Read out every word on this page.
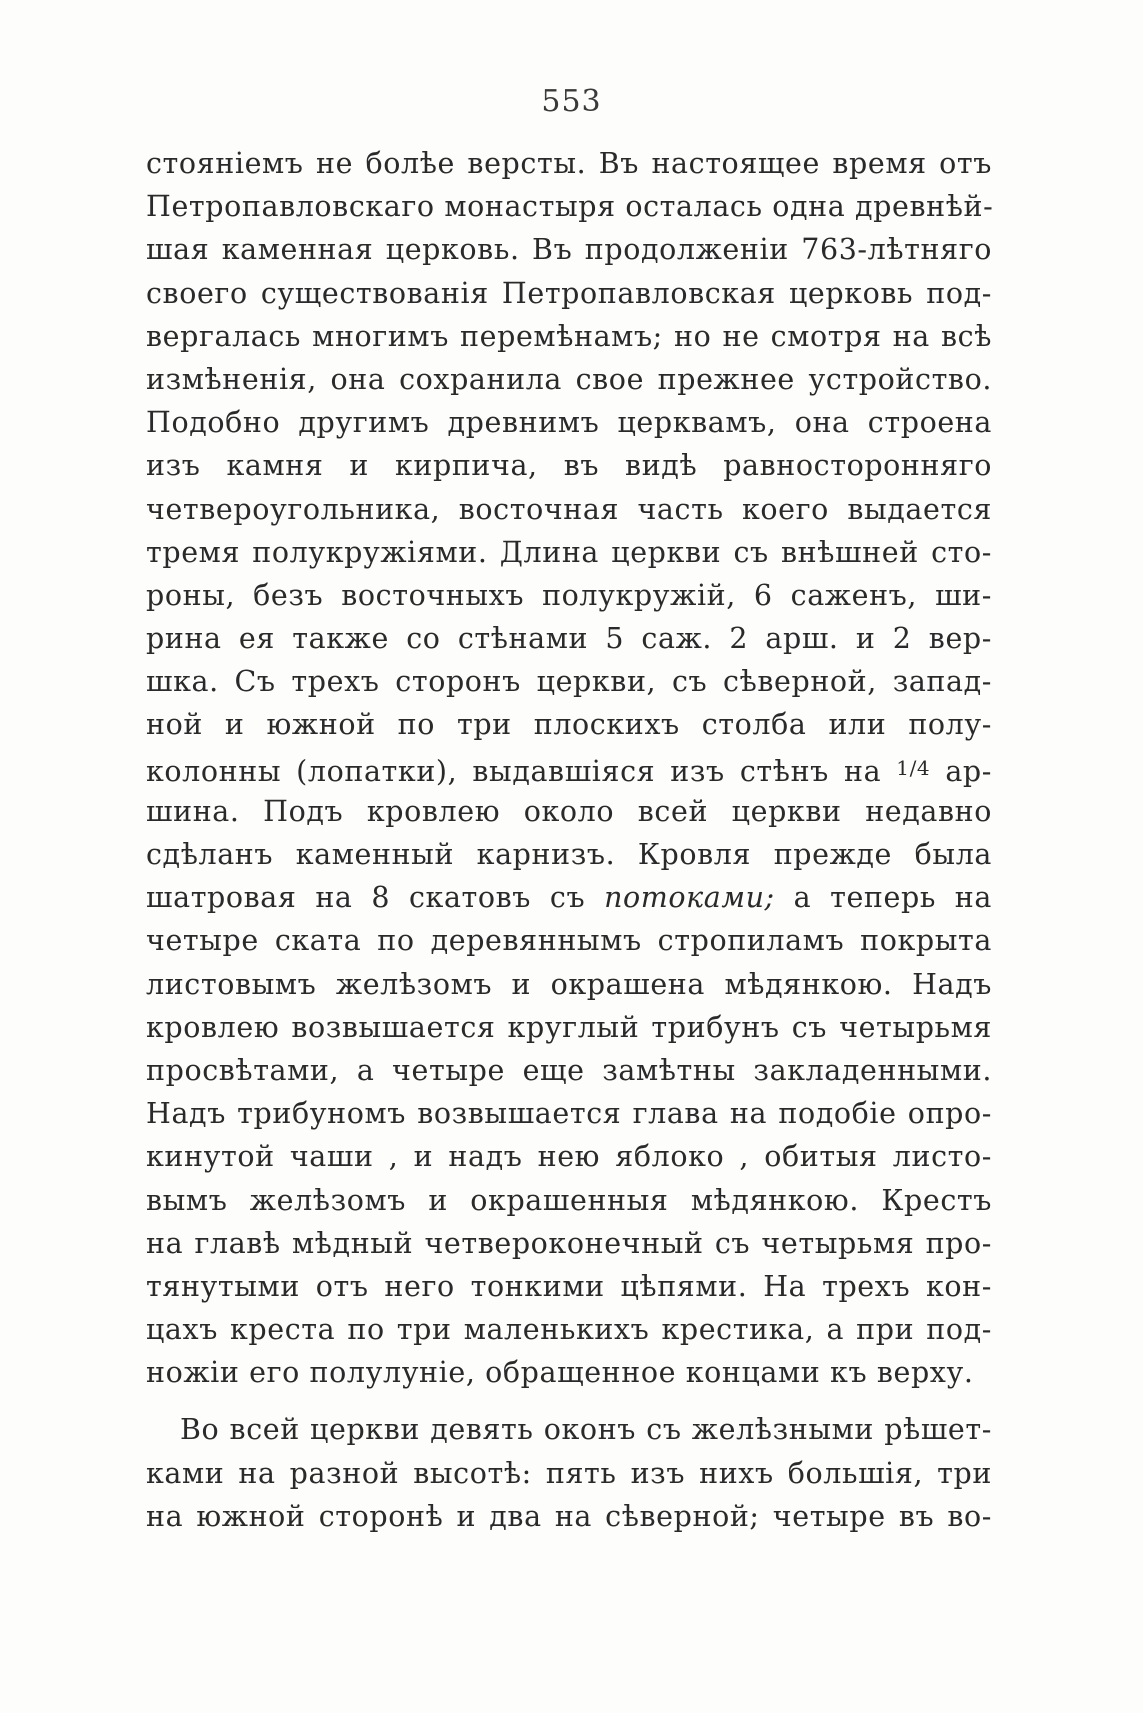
553
стояніемъ не болѣе версты. Въ настоящее время отъ
Петропавловскаго монастыря осталась одна древнѣй-
шая каменная церковь. Въ продолженіи 763-лѣтняго
своего существованія Петропавловская церковь под-
вергалась многимъ перемѣнамъ; но не смотря на всѣ
измѣненія, она сохранила свое прежнее устройство.
Подобно другимъ древнимъ церквамъ, она строена
изъ камня и кирпича, въ видѣ равносторонняго
четвероугольника, восточная часть коего выдается
тремя полукружіями. Длина церкви съ внѣшней сто-
роны, безъ восточныхъ полукружій, 6 саженъ, ши-
рина ея также со стѣнами 5 саж. 2 арш. и 2 вер-
шка. Съ трехъ сторонъ церкви, съ сѣверной, запад-
ной и южной по три плоскихъ столба или полу-
колонны (лопатки), выдавшіяся изъ стѣнъ на $^{1/4}$ ар-
шина. Подъ кровлею около всей церкви недавно
сдѣланъ каменный карнизъ. Кровля прежде была
шатровая на 8 скатовъ съ потоками; а теперь на
четыре ската по деревяннымъ стропиламъ покрыта
листовымъ желѣзомъ и окрашена мѣдянкою. Надъ
кровлею возвышается круглый трибунъ съ четырьмя
просвѣтами, а четыре еще замѣтны закладенными.
Надъ трибуномъ возвышается глава на подобіе опро-
кинутой чаши , и надъ нею яблоко , обитыя листо-
вымъ желѣзомъ и окрашенныя мѣдянкою. Крестъ
на главѣ мѣдный четвероконечный съ четырьмя про-
тянутыми отъ него тонкими цѣпями. На трехъ кон-
цахъ креста по три маленькихъ крестика, а при под-
ножіи его полулуніе, обращенное концами къ верху.
Во всей церкви девять оконъ съ желѣзными рѣшет-
ками на разной высотѣ: пять изъ нихъ большія, три
на южной сторонѣ и два на сѣверной; четыре въ во-
